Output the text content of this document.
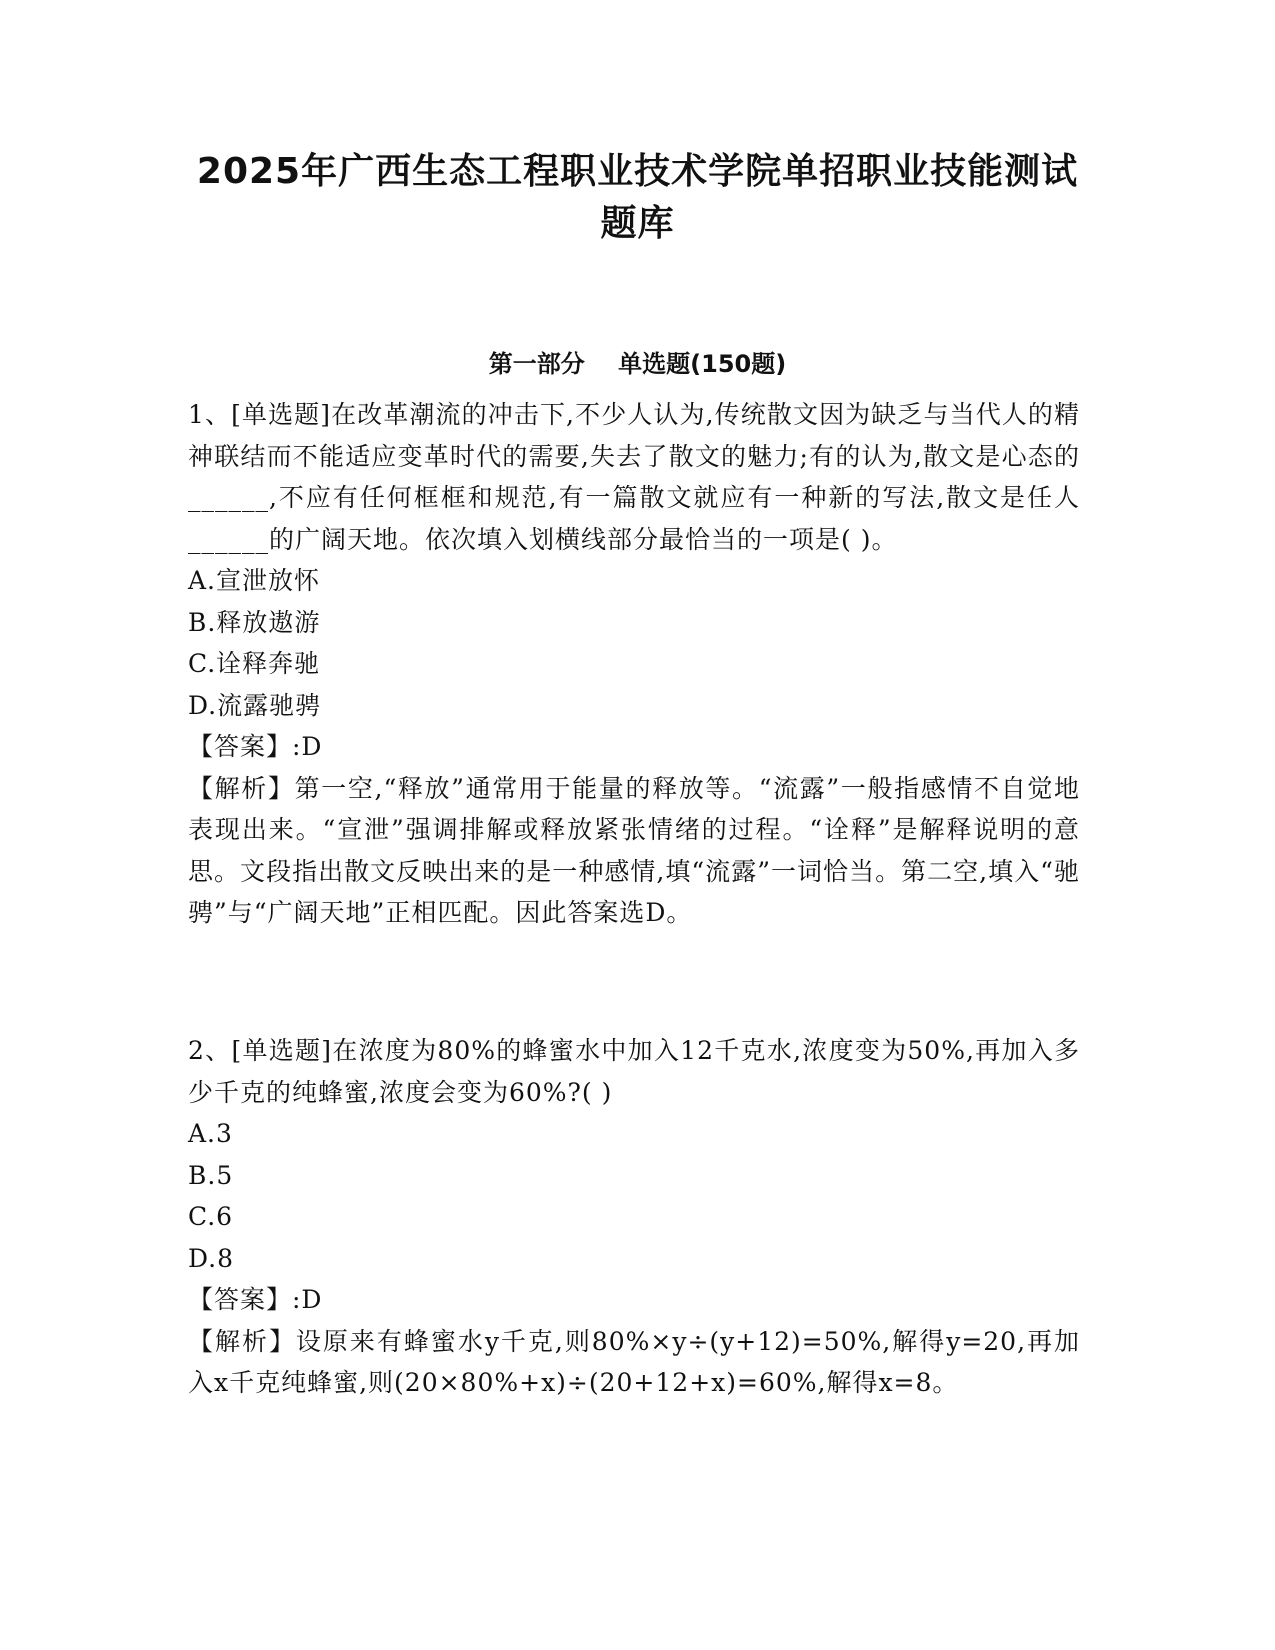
2025年广西生态工程职业技术学院单招职业技能测试题库
第一部分    单选题(150题)

1、[单选题]在改革潮流的冲击下,不少人认为,传统散文因为缺乏与当代人的精神联结而不能适应变革时代的需要,失去了散文的魅力;有的认为,散文是心态的______,不应有任何框框和规范,有一篇散文就应有一种新的写法,散文是任人______的广阔天地。依次填入划横线部分最恰当的一项是( )。

A.宣泄放怀

B.释放遨游

C.诠释奔驰

D.流露驰骋

【答案】:D

【解析】第一空,“释放”通常用于能量的释放等。“流露”一般指感情不自觉地表现出来。“宣泄”强调排解或释放紧张情绪的过程。“诠释”是解释说明的意思。文段指出散文反映出来的是一种感情,填“流露”一词恰当。第二空,填入“驰骋”与“广阔天地”正相匹配。因此答案选D。

2、[单选题]在浓度为80%的蜂蜜水中加入12千克水,浓度变为50%,再加入多少千克的纯蜂蜜,浓度会变为60%?( )

A.3

B.5

C.6

D.8

【答案】:D

【解析】设原来有蜂蜜水y千克,则80%×y÷(y+12)=50%,解得y=20,再加入x千克纯蜂蜜,则(20×80%+x)÷(20+12+x)=60%,解得x=8。
